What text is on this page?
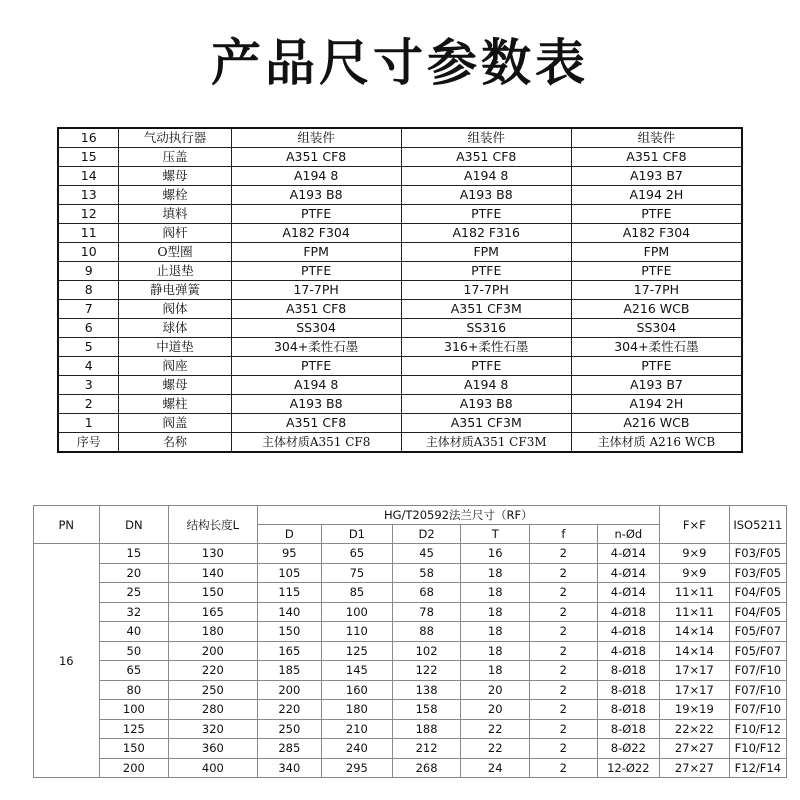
产品尺寸参数表
16	气动执行器	组装件	组装件	组装件
15	压盖	A351 CF8	A351 CF8	A351 CF8
14	螺母	A194 8	A194 8	A193 B7
13	螺栓	A193 B8	A193 B8	A194 2H
12	填料	PTFE	PTFE	PTFE
11	阀杆	A182 F304	A182 F316	A182 F304
10	O型圈	FPM	FPM	FPM
9	止退垫	PTFE	PTFE	PTFE
8	静电弹簧	17-7PH	17-7PH	17-7PH
7	阀体	A351 CF8	A351 CF3M	A216 WCB
6	球体	SS304	SS316	SS304
5	中道垫	304+柔性石墨	316+柔性石墨	304+柔性石墨
4	阀座	PTFE	PTFE	PTFE
3	螺母	A194 8	A194 8	A193 B7
2	螺柱	A193 B8	A193 B8	A194 2H
1	阀盖	A351 CF8	A351 CF3M	A216 WCB
序号	名称	主体材质A351 CF8	主体材质A351 CF3M	主体材质 A216 WCB
PN	DN	结构长度L	HG/T20592法兰尺寸（RF）						F×F	ISO5211
			D	D1	D2	T	f	n-Ød		
16	15	130	95	65	45	16	2	4-Ø14	9×9	F03/F05
	20	140	105	75	58	18	2	4-Ø14	9×9	F03/F05
	25	150	115	85	68	18	2	4-Ø14	11×11	F04/F05
	32	165	140	100	78	18	2	4-Ø18	11×11	F04/F05
	40	180	150	110	88	18	2	4-Ø18	14×14	F05/F07
	50	200	165	125	102	18	2	4-Ø18	14×14	F05/F07
	65	220	185	145	122	18	2	8-Ø18	17×17	F07/F10
	80	250	200	160	138	20	2	8-Ø18	17×17	F07/F10
	100	280	220	180	158	20	2	8-Ø18	19×19	F07/F10
	125	320	250	210	188	22	2	8-Ø18	22×22	F10/F12
	150	360	285	240	212	22	2	8-Ø22	27×27	F10/F12
	200	400	340	295	268	24	2	12-Ø22	27×27	F12/F14
